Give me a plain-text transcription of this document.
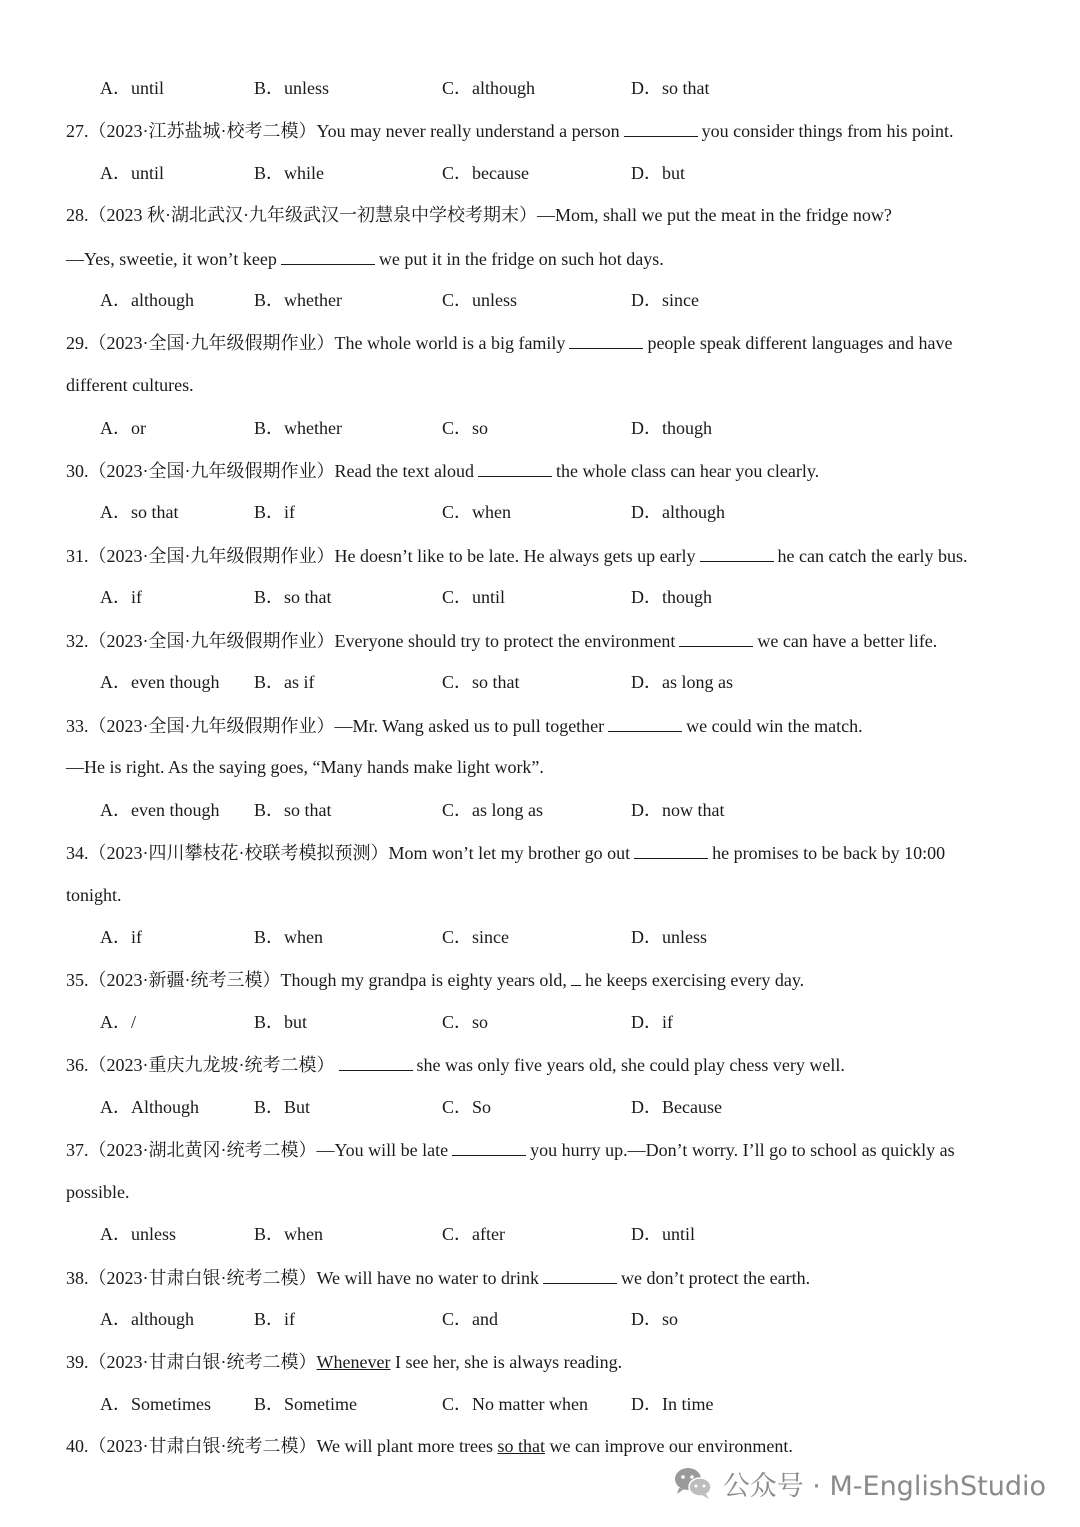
A．until	B．unless	C．although	D．so that
27.（2023·江苏盐城·校考二模）You may never really understand a person	you consider things from his point.
A．until	B．while	C．because	D．but
28.（2023 秋·湖北武汉·九年级武汉一初慧泉中学校考期末）—Mom, shall we put the meat in the fridge now?
—Yes, sweetie, it won’t keep	we put it in the fridge on such hot days.
A．although	B．whether	C．unless	D．since
29.（2023·全国·九年级假期作业）The whole world is a big family	people speak different languages and have
different cultures.
A．or	B．whether	C．so	D．though
30.（2023·全国·九年级假期作业）Read the text aloud	the whole class can hear you clearly.
A．so that	B．if	C．when	D．although
31.（2023·全国·九年级假期作业）He doesn’t like to be late. He always gets up early	he can catch the early bus.
A．if	B．so that	C．until	D．though
32.（2023·全国·九年级假期作业）Everyone should try to protect the environment	we can have a better life.
A．even though B．as if	C．so that	D．as long as
33.（2023·全国·九年级假期作业）—Mr. Wang asked us to pull together	we could win the match.
—He is right. As the saying goes, “Many hands make light work”.
A．even though B．so that	C．as long as	D．now that
34.（2023·四川攀枝花·校联考模拟预测）Mom won’t let my brother go out	he promises to be back by 10:00
tonight.
A．if	B．when	C．since	D．unless
35.（2023·新疆·统考三模）Though my grandpa is eighty years old, he keeps exercising every day.
A．/	B．but	C．so	D．if
36.（2023·重庆九龙坡·统考二模）	she was only five years old, she could play chess very well.
A．Although	B．But	C．So	D．Because
37.（2023·湖北黄冈·统考二模）—You will be late	you hurry up.—Don’t worry. I’ll go to school as quickly as
possible.
A．unless	B．when	C．after	D．until
38.（2023·甘肃白银·统考二模）We will have no water to drink	we don’t protect the earth.
A．although	B．if	C．and	D．so
39.（2023·甘肃白银·统考二模）Whenever I see her, she is always reading.
A．Sometimes B．Sometime	C．No matter when D．In time
40.（2023·甘肃白银·统考二模）We will plant more trees so that we can improve our environment.
公众号 · M-EnglishStudio
